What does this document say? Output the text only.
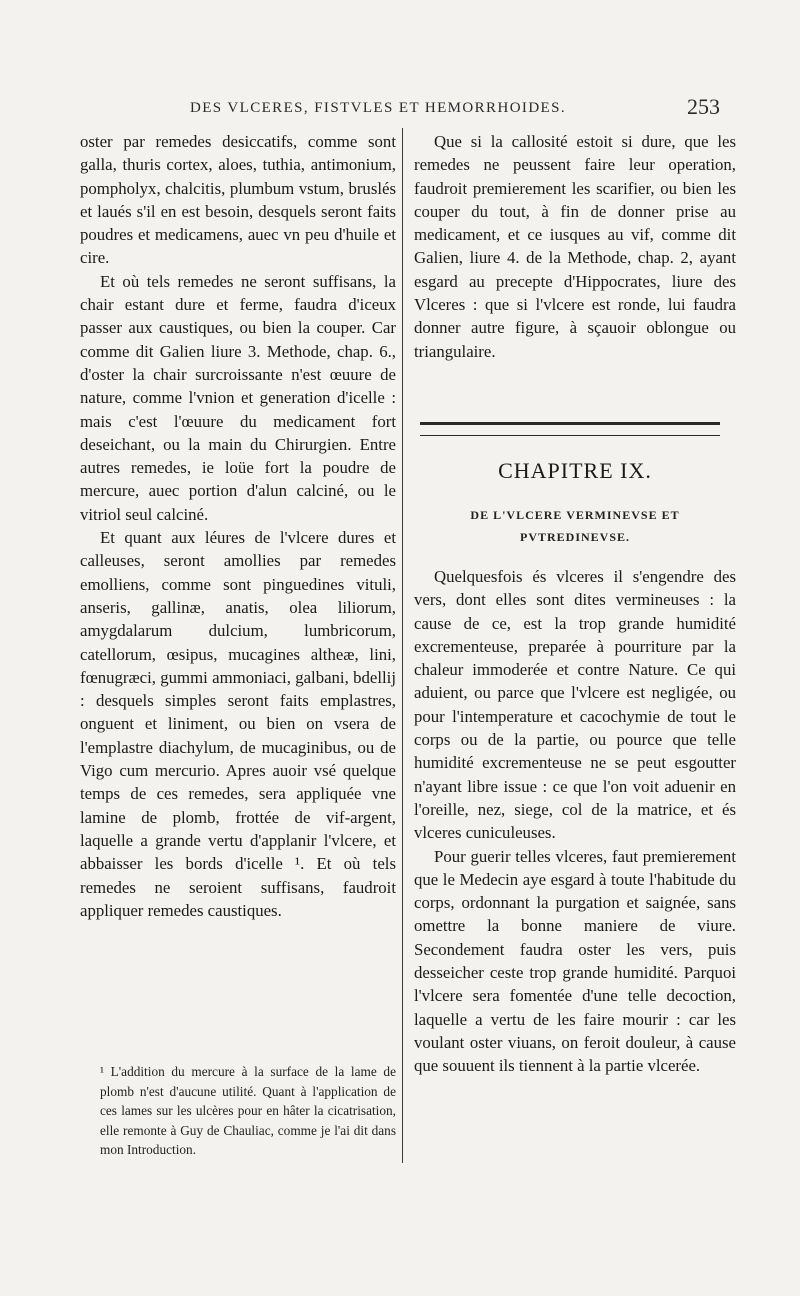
DES VLCERES, FISTVLES ET HEMORRHOIDES.	253

oster par remedes desiccatifs, comme sont galla, thuris cortex, aloes, tuthia, antimonium, pompholyx, chalcitis, plumbum vstum, bruslés et laués s'il en est besoin, desquels seront faits poudres et medicamens, auec vn peu d'huile et cire.

Et où tels remedes ne seront suffisans, la chair estant dure et ferme, faudra d'iceux passer aux caustiques, ou bien la couper. Car comme dit Galien liure 3. Methode, chap. 6., d'oster la chair surcroissante n'est œuure de nature, comme l'vnion et generation d'icelle : mais c'est l'œuure du medicament fort deseichant, ou la main du Chirurgien. Entre autres remedes, ie loüe fort la poudre de mercure, auec portion d'alun calciné, ou le vitriol seul calciné.

Et quant aux léures de l'vlcere dures et calleuses, seront amollies par remedes emolliens, comme sont pinguedines vituli, anseris, gallinæ, anatis, olea liliorum, amygdalarum dulcium, lumbricorum, catellorum, œsipus, mucagines altheæ, lini, fœnugræci, gummi ammoniaci, galbani, bdellij : desquels simples seront faits emplastres, onguent et liniment, ou bien on vsera de l'emplastre diachylum, de mucaginibus, ou de Vigo cum mercurio. Apres auoir vsé quelque temps de ces remedes, sera appliquée vne lamine de plomb, frottée de vif-argent, laquelle a grande vertu d'applanir l'vlcere, et abbaisser les bords d'icelle ¹. Et où tels remedes ne seroient suffisans, faudroit appliquer remedes caustiques.

¹ L'addition du mercure à la surface de la lame de plomb n'est d'aucune utilité. Quant à l'application de ces lames sur les ulcères pour en hâter la cicatrisation, elle remonte à Guy de Chauliac, comme je l'ai dit dans mon Introduction.

Que si la callosité estoit si dure, que les remedes ne peussent faire leur operation, faudroit premierement les scarifier, ou bien les couper du tout, à fin de donner prise au medicament, et ce iusques au vif, comme dit Galien, liure 4. de la Methode, chap. 2, ayant esgard au precepte d'Hippocrates, liure des Vlceres : que si l'vlcere est ronde, lui faudra donner autre figure, à sçauoir oblongue ou triangulaire.

CHAPITRE IX.
DE L'VLCERE VERMINEVSE ET
PVTREDINEVSE.

Quelquesfois és vlceres il s'engendre des vers, dont elles sont dites vermineuses : la cause de ce, est la trop grande humidité excrementeuse, preparée à pourriture par la chaleur immoderée et contre Nature. Ce qui aduient, ou parce que l'vlcere est negligée, ou pour l'intemperature et cacochymie de tout le corps ou de la partie, ou pource que telle humidité excrementeuse ne se peut esgoutter n'ayant libre issue : ce que l'on voit aduenir en l'oreille, nez, siege, col de la matrice, et és vlceres cuniculeuses.

Pour guerir telles vlceres, faut premierement que le Medecin aye esgard à toute l'habitude du corps, ordonnant la purgation et saignée, sans omettre la bonne maniere de viure. Secondement faudra oster les vers, puis desseicher ceste trop grande humidité. Parquoi l'vlcere sera fomentée d'une telle decoction, laquelle a vertu de les faire mourir : car les voulant oster viuans, on feroit douleur, à cause que souuent ils tiennent à la partie vlcerée.
